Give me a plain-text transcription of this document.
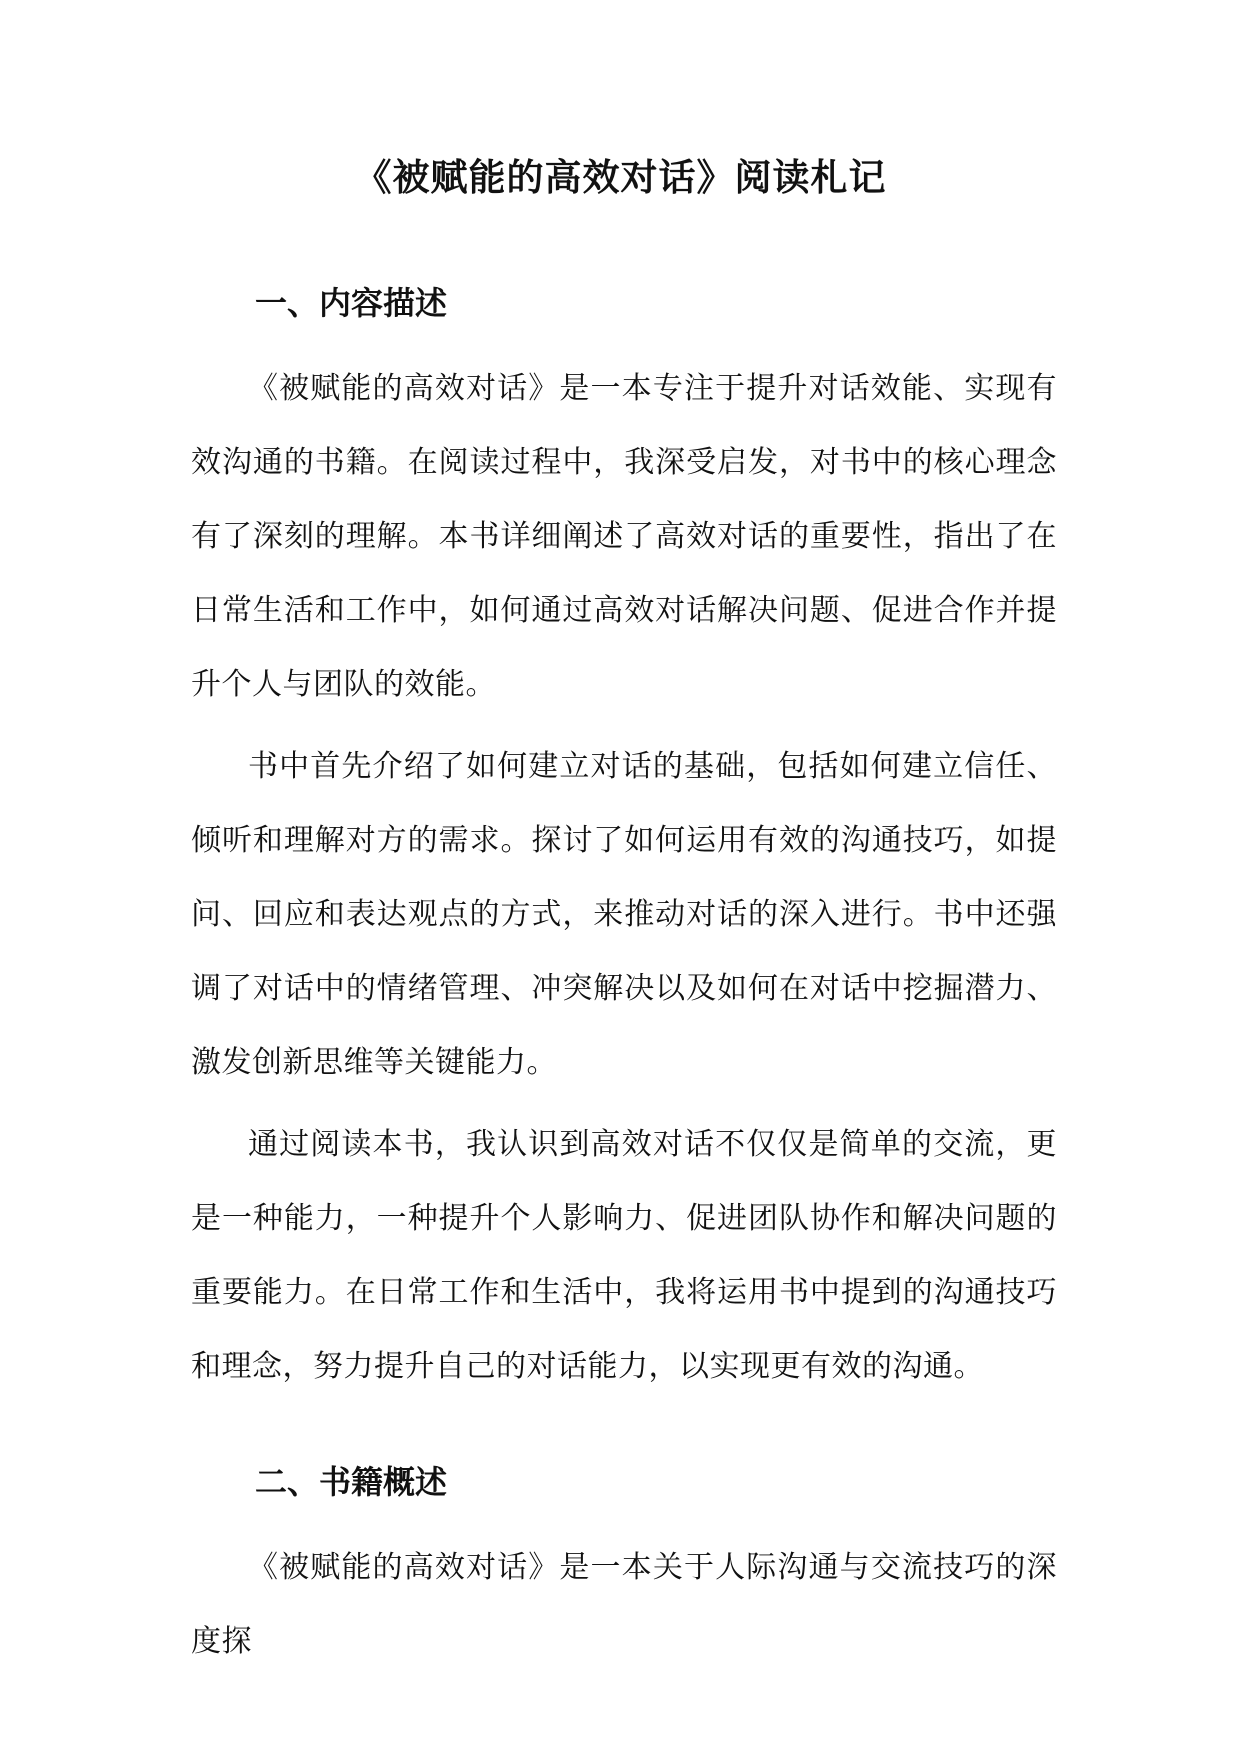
《被赋能的高效对话》阅读札记
一、内容描述

《被赋能的高效对话》是一本专注于提升对话效能、实现有效沟通的书籍。在阅读过程中，我深受启发，对书中的核心理念有了深刻的理解。本书详细阐述了高效对话的重要性，指出了在日常生活和工作中，如何通过高效对话解决问题、促进合作并提升个人与团队的效能。

书中首先介绍了如何建立对话的基础，包括如何建立信任、倾听和理解对方的需求。探讨了如何运用有效的沟通技巧，如提问、回应和表达观点的方式，来推动对话的深入进行。书中还强调了对话中的情绪管理、冲突解决以及如何在对话中挖掘潜力、激发创新思维等关键能力。

通过阅读本书，我认识到高效对话不仅仅是简单的交流，更是一种能力，一种提升个人影响力、促进团队协作和解决问题的重要能力。在日常工作和生活中，我将运用书中提到的沟通技巧和理念，努力提升自己的对话能力，以实现更有效的沟通。

二、书籍概述

《被赋能的高效对话》是一本关于人际沟通与交流技巧的深度探
